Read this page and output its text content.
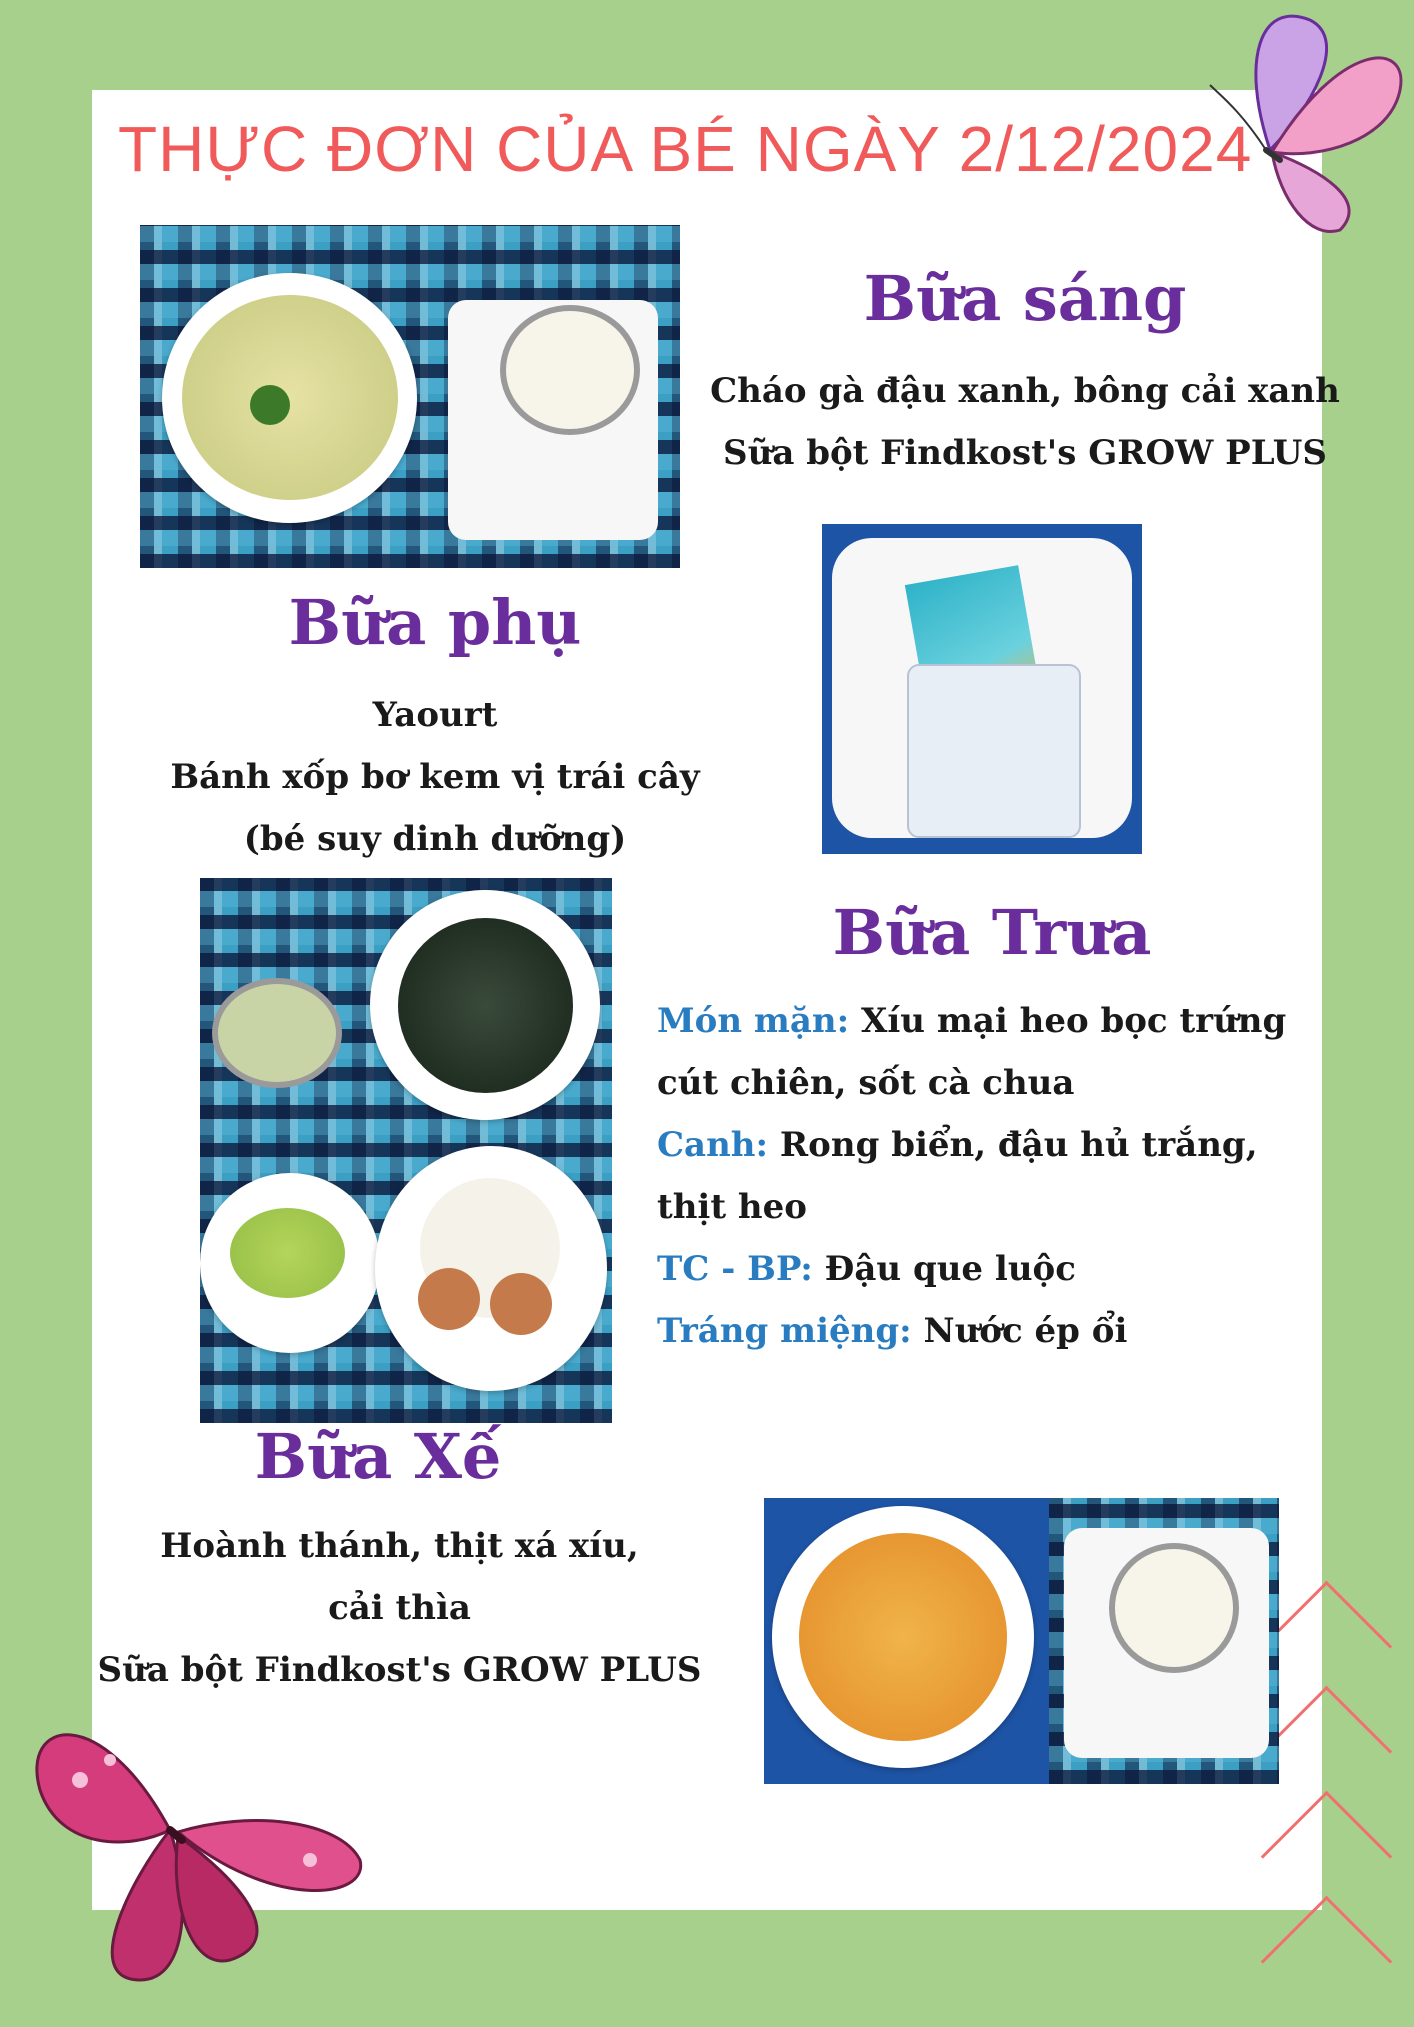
THỰC ĐƠN CỦA BÉ NGÀY 2/12/2024
Bữa sáng
Cháo gà đậu xanh, bông cải xanh
Sữa bột Findkost's GROW PLUS
Bữa phụ
Yaourt
Bánh xốp bơ kem vị trái cây
(bé suy dinh dưỡng)
Bữa Trưa
Món mặn: Xíu mại heo bọc trứng cút chiên, sốt cà chua
Canh: Rong biển, đậu hủ trắng, thịt heo
TC - BP: Đậu que luộc
Tráng miệng: Nước ép ổi
Bữa Xế
Hoành thánh, thịt xá xíu, cải thìa
Sữa bột Findkost's GROW PLUS
